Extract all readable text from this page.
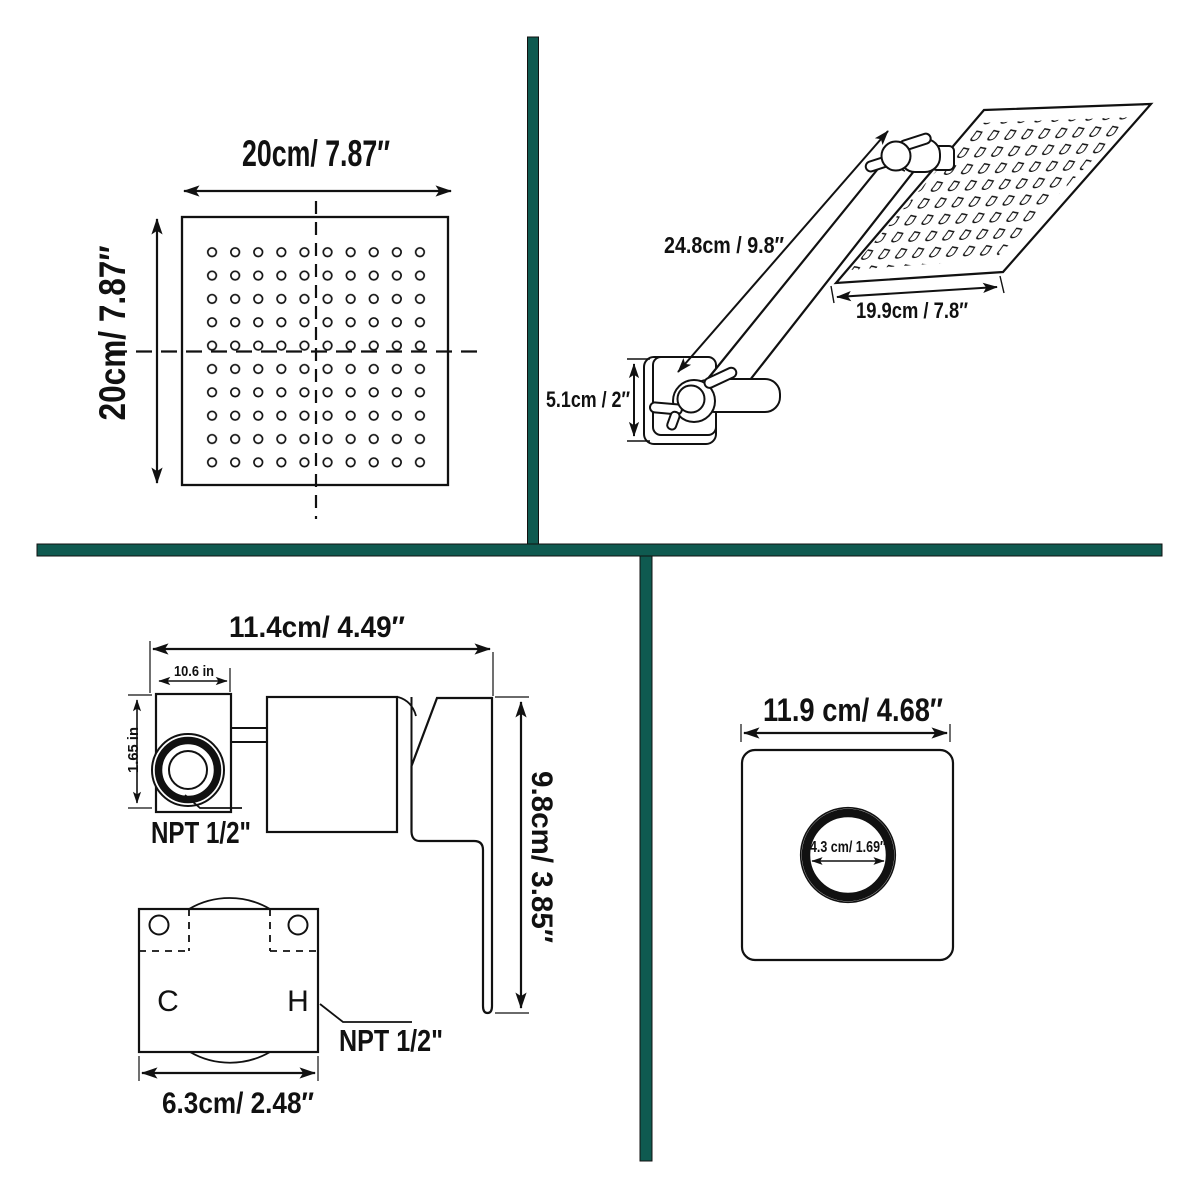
20cm/ 7.87″
20cm/ 7.87″	24.8cm / 9.8″
19.9cm / 7.8″
5.1cm / 2″
11.4cm/ 4.49″
10.6 in
1.65 in
NPT 1/2"	9.8cm/ 3.85″
C	H
NPT 1/2"
6.3cm/ 2.48″
11.9 cm/ 4.68″
4.3 cm/ 1.69″
